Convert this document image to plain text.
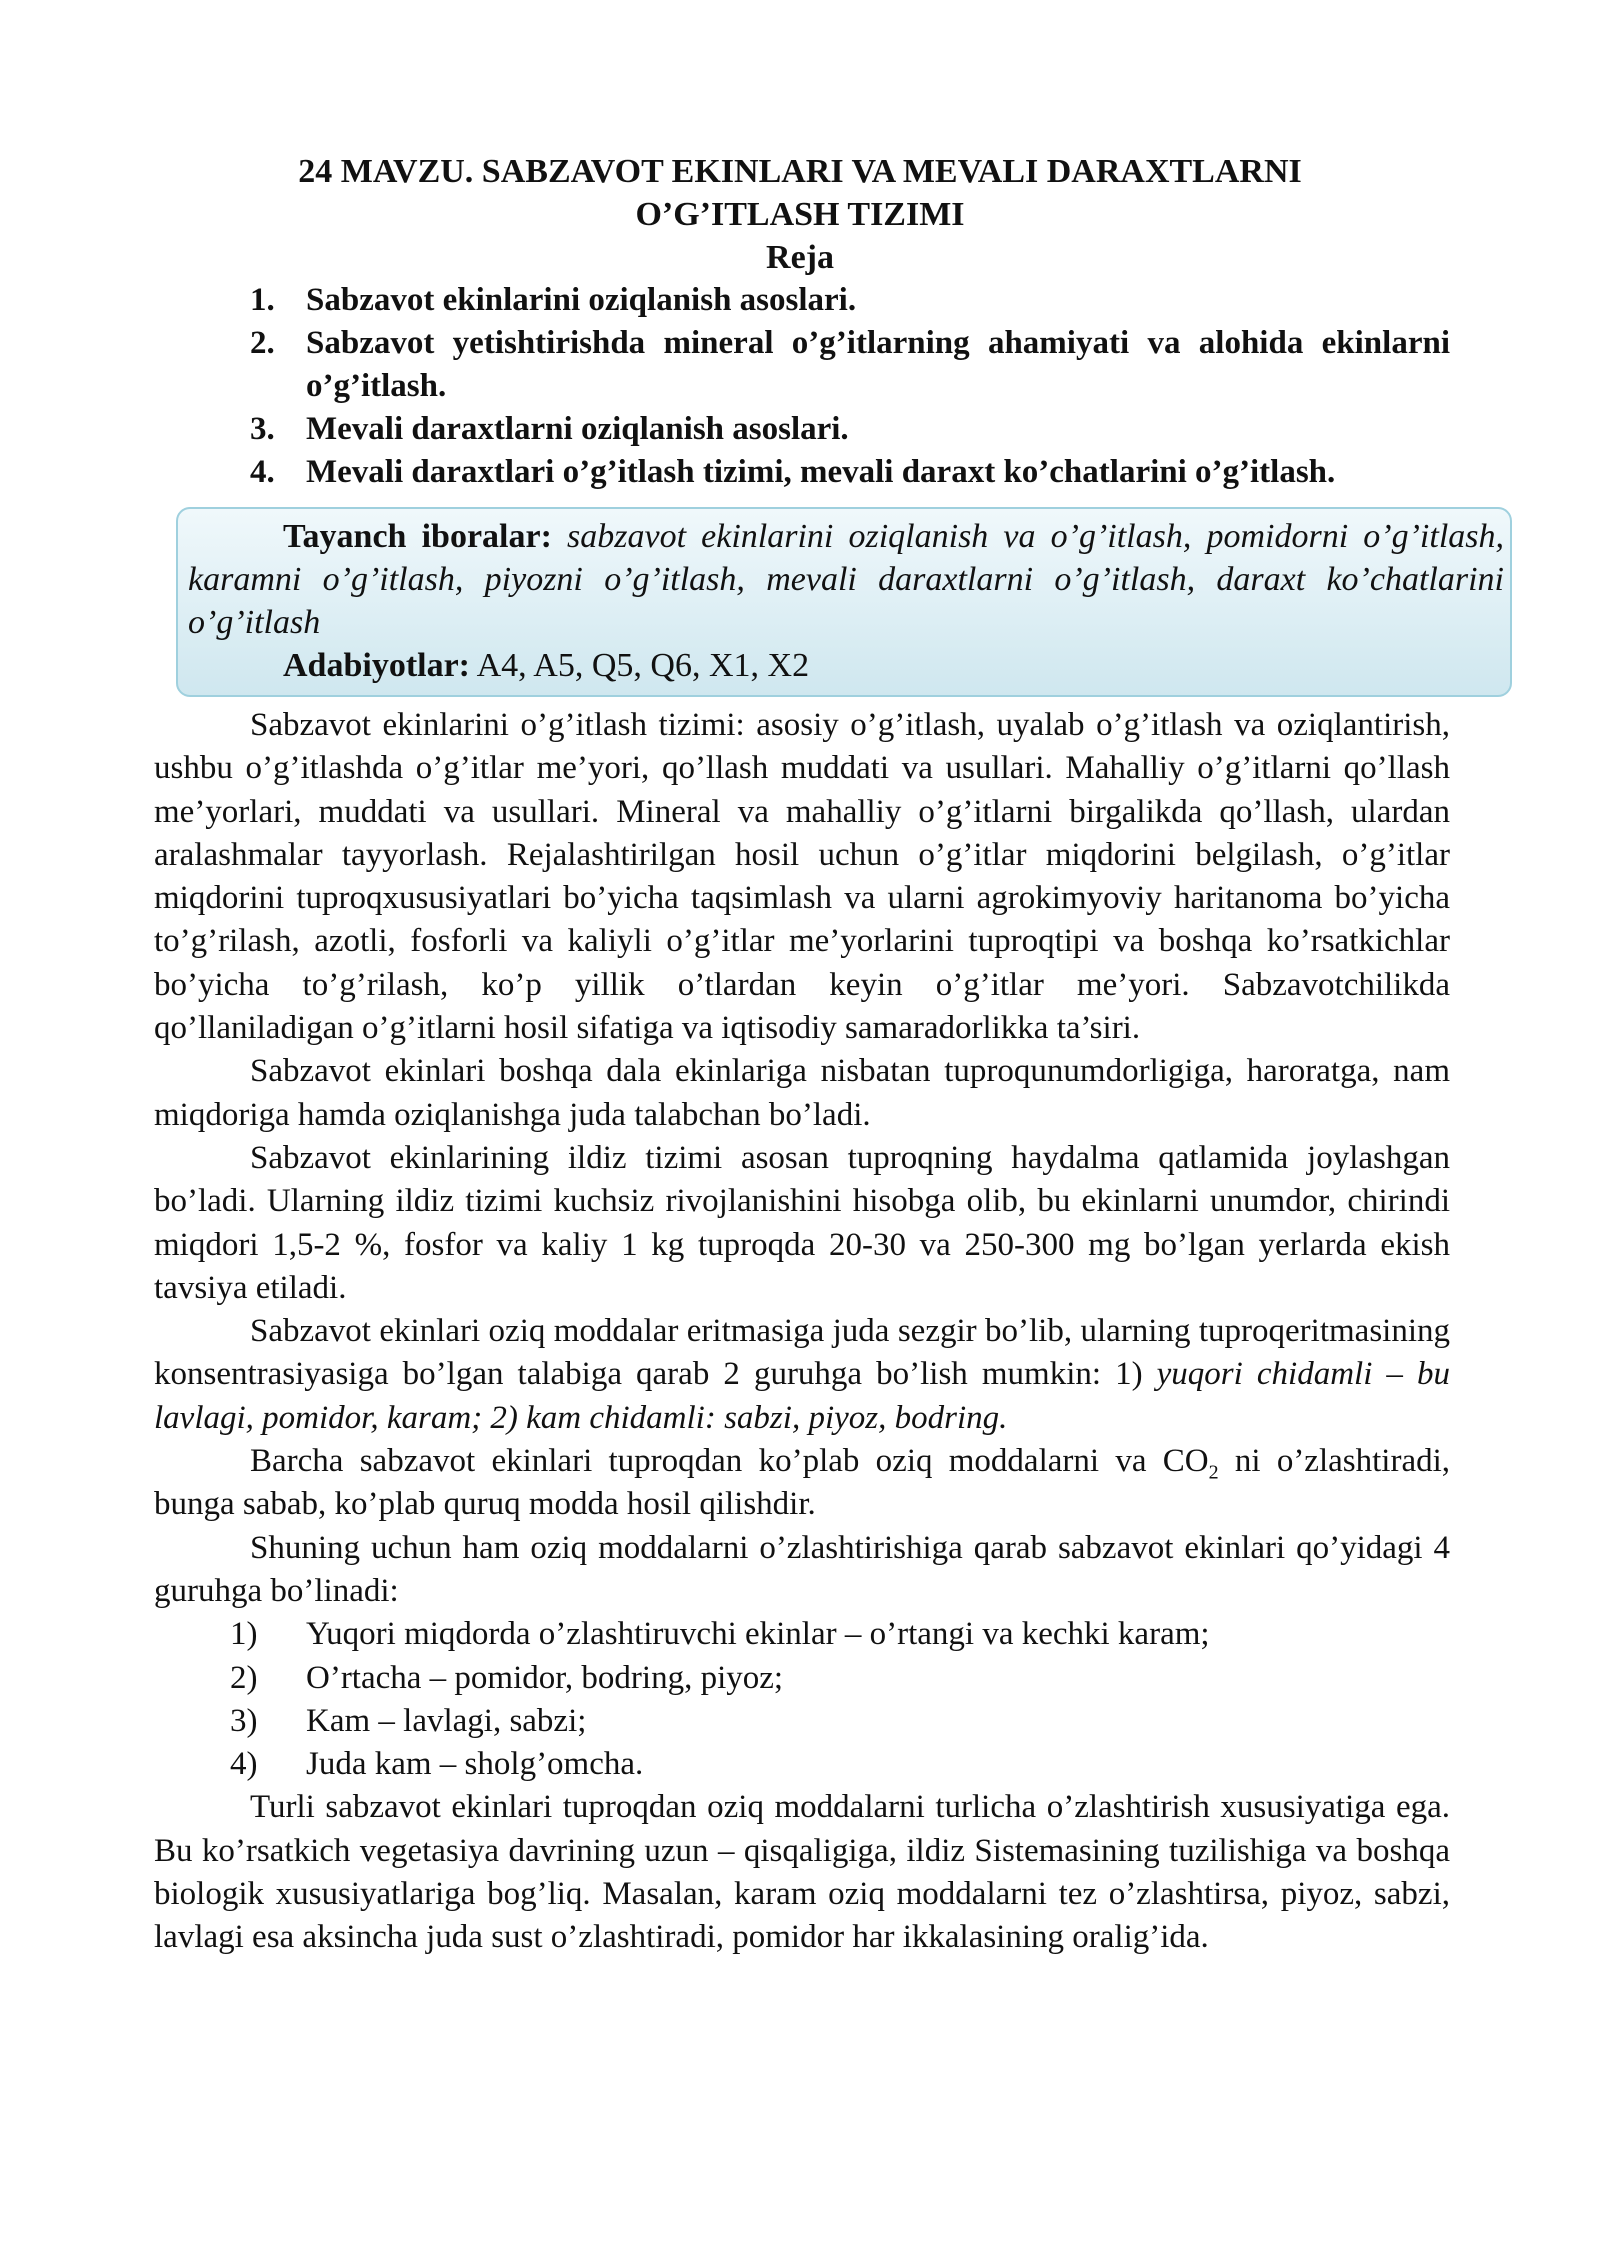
24 MAVZU. SABZAVOT EKINLARI VA MEVALI DARAXTLARNI
O’G’ITLASH TIZIMI
Reja
1. Sabzavot ekinlarini oziqlanish asoslari.
2. Sabzavot yetishtirishda mineral o’g’itlarning ahamiyati va alohida ekinlarni o’g’itlash.
3. Mevali daraxtlarni oziqlanish asoslari.
4. Mevali daraxtlari o’g’itlash tizimi, mevali daraxt ko’chatlarini o’g’itlash.

Tayanch iboralar: sabzavot ekinlarini oziqlanish va o’g’itlash, pomidorni o’g’itlash, karamni o’g’itlash, piyozni o’g’itlash, mevali daraxtlarni o’g’itlash, daraxt ko’chatlarini o’g’itlash

Adabiyotlar: A4, A5, Q5, Q6, X1, X2

Sabzavot ekinlarini o’g’itlash tizimi: asosiy o’g’itlash, uyalab o’g’itlash va oziqlantirish, ushbu o’g’itlashda o’g’itlar me’yori, qo’llash muddati va usullari. Mahalliy o’g’itlarni qo’llash me’yorlari, muddati va usullari. Mineral va mahalliy o’g’itlarni birgalikda qo’llash, ulardan aralashmalar tayyorlash. Rejalashtirilgan hosil uchun o’g’itlar miqdorini belgilash, o’g’itlar miqdorini tuproqxususiyatlari bo’yicha taqsimlash va ularni agrokimyoviy haritanoma bo’yicha to’g’rilash, azotli, fosforli va kaliyli o’g’itlar me’yorlarini tuproqtipi va boshqa ko’rsatkichlar bo’yicha to’g’rilash, ko’p yillik o’tlardan keyin o’g’itlar me’yori. Sabzavotchilikda qo’llaniladigan o’g’itlarni hosil sifatiga va iqtisodiy samaradorlikka ta’siri.

Sabzavot ekinlari boshqa dala ekinlariga nisbatan tuproqunumdorligiga, haroratga, nam miqdoriga hamda oziqlanishga juda talabchan bo’ladi.

Sabzavot ekinlarining ildiz tizimi asosan tuproqning haydalma qatlamida joylashgan bo’ladi. Ularning ildiz tizimi kuchsiz rivojlanishini hisobga olib, bu ekinlarni unumdor, chirindi miqdori 1,5-2 %, fosfor va kaliy 1 kg tuproqda 20-30 va 250-300 mg bo’lgan yerlarda ekish tavsiya etiladi.

Sabzavot ekinlari oziq moddalar eritmasiga juda sezgir bo’lib, ularning tuproqeritmasining konsentrasiyasiga bo’lgan talabiga qarab 2 guruhga bo’lish mumkin: 1) yuqori chidamli – bu lavlagi, pomidor, karam; 2) kam chidamli: sabzi, piyoz, bodring.

Barcha sabzavot ekinlari tuproqdan ko’plab oziq moddalarni va $CO_2$ ni o’zlashtiradi, bunga sabab, ko’plab quruq modda hosil qilishdir.

Shuning uchun ham oziq moddalarni o’zlashtirishiga qarab sabzavot ekinlari qo’yidagi 4 guruhga bo’linadi:

1)	Yuqori miqdorda o’zlashtiruvchi ekinlar – o’rtangi va kechki karam;
2)	O’rtacha – pomidor, bodring, piyoz;
3)	Kam – lavlagi, sabzi;
4)	Juda kam – sholg’omcha.

Turli sabzavot ekinlari tuproqdan oziq moddalarni turlicha o’zlashtirish xususiyatiga ega. Bu ko’rsatkich vegetasiya davrining uzun – qisqaligiga, ildiz Sistemasining tuzilishiga va boshqa biologik xususiyatlariga bog’liq. Masalan, karam oziq moddalarni tez o’zlashtirsa, piyoz, sabzi, lavlagi esa aksincha juda sust o’zlashtiradi, pomidor har ikkalasining oralig’ida.
